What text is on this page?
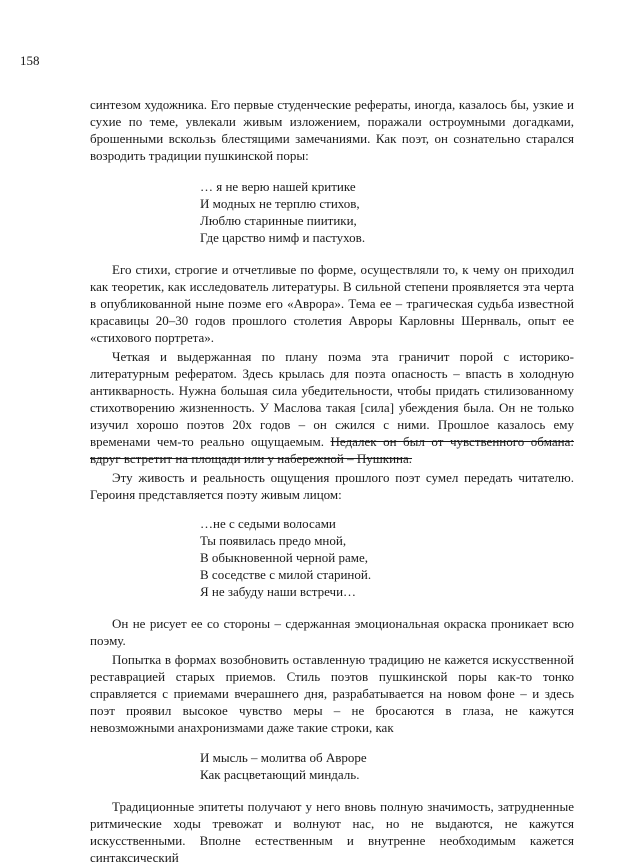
158

синтезом художника. Его первые студенческие рефераты, иногда, казалось бы, узкие и сухие по теме, увлекали живым изложением, поражали остроумными догадками, брошенными вскользь блестящими замечаниями. Как поэт, он сознательно старался возродить традиции пушкинской поры:

… я не верю нашей критике
И модных не терплю стихов,
Люблю старинные пиитики,
Где царство нимф и пастухов.

Его стихи, строгие и отчетливые по форме, осуществляли то, к чему он приходил как теоретик, как исследователь литературы. В сильной степени проявляется эта черта в опубликованной ныне поэме его «Аврора». Тема ее – трагическая судьба известной красавицы 20–30 годов прошлого столетия Авроры Карловны Шернваль, опыт ее «стихового портрета».

Четкая и выдержанная по плану поэма эта граничит порой с историко-литературным рефератом. Здесь крылась для поэта опасность – впасть в холодную антикварность. Нужна большая сила убедительности, чтобы придать стилизованному стихотворению жизненность. У Маслова такая [сила] убеждения была. Он не только изучил хорошо поэтов 20х годов – он сжился с ними. Прошлое казалось ему временами чем-то реально ощущаемым. Недалек он был от чувственного обмана: вдруг встретит на площади или у набережной – Пушкина.

Эту живость и реальность ощущения прошлого поэт сумел передать читателю. Героиня представляется поэту живым лицом:

…не с седыми волосами
Ты появилась предо мной,
В обыкновенной черной раме,
В соседстве с милой стариной.
Я не забуду наши встречи…

Он не рисует ее со стороны – сдержанная эмоциональная окраска проникает всю поэму.

Попытка в формах возобновить оставленную традицию не кажется искусственной реставрацией старых приемов. Стиль поэтов пушкинской поры как-то тонко справляется с приемами вчерашнего дня, разрабатывается на новом фоне – и здесь поэт проявил высокое чувство меры – не бросаются в глаза, не кажутся невозможными анахронизмами даже такие строки, как

И мысль – молитва об Авроре
Как расцветающий миндаль.

Традиционные эпитеты получают у него вновь полную значимость, затрудненные ритмические ходы тревожат и волнуют нас, но не выдаются, не кажутся искусственными. Вполне естественным и внутренне необходимым кажется синтаксический
